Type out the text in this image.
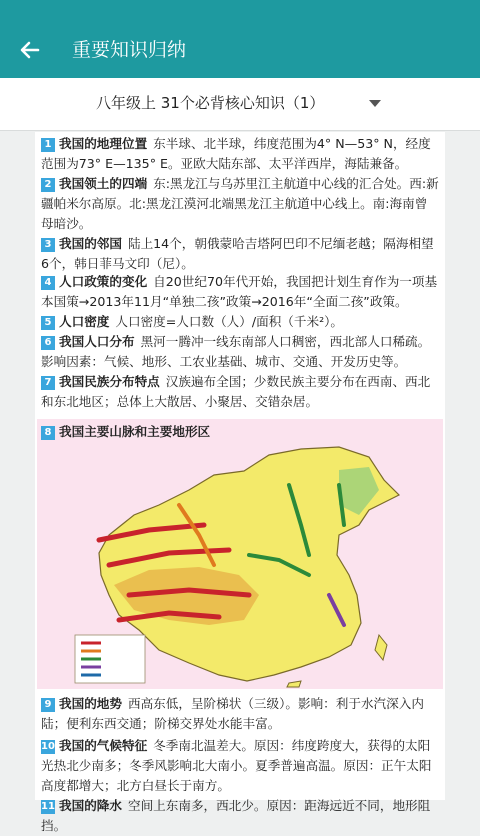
重要知识归纳
八年级上 31个必背核心知识（1）
1 我国的地理位置 东半球、北半球，纬度范围为4° N—53° N，经度范围为73° E—135° E。亚欧大陆东部、太平洋西岸，海陆兼备。
2 我国领土的四端 东:黑龙江与乌苏里江主航道中心线的汇合处。西:新疆帕米尔高原。北:黑龙江漠河北端黑龙江主航道中心线上。南:海南曾母暗沙。
3 我国的邻国 陆上14个，朝俄蒙哈吉塔阿巴印不尼缅老越；隔海相望6个，韩日菲马文印（尼）。
4 人口政策的变化 自20世纪70年代开始，我国把计划生育作为一项基本国策→2013年11月“单独二孩”政策→2016年“全面二孩”政策。
5 人口密度 人口密度=人口数（人）/面积（千米²）。
6 我国人口分布 黑河一腾冲一线东南部人口稠密，西北部人口稀疏。影响因素：气候、地形、工农业基础、城市、交通、开发历史等。
7 我国民族分布特点 汉族遍布全国；少数民族主要分布在西南、西北和东北地区；总体上大散居、小聚居、交错杂居。
8 我国主要山脉和主要地形区
9 我国的地势 西高东低，呈阶梯状（三级）。影响：利于水汽深入内陆；便利东西交通；阶梯交界处水能丰富。
10 我国的气候特征 冬季南北温差大。原因：纬度跨度大，获得的太阳光热北少南多；冬季风影响北大南小。夏季普遍高温。原因：正午太阳高度都增大；北方白昼长于南方。
11 我国的降水 空间上东南多，西北少。原因：距海远近不同，地形阻挡。
